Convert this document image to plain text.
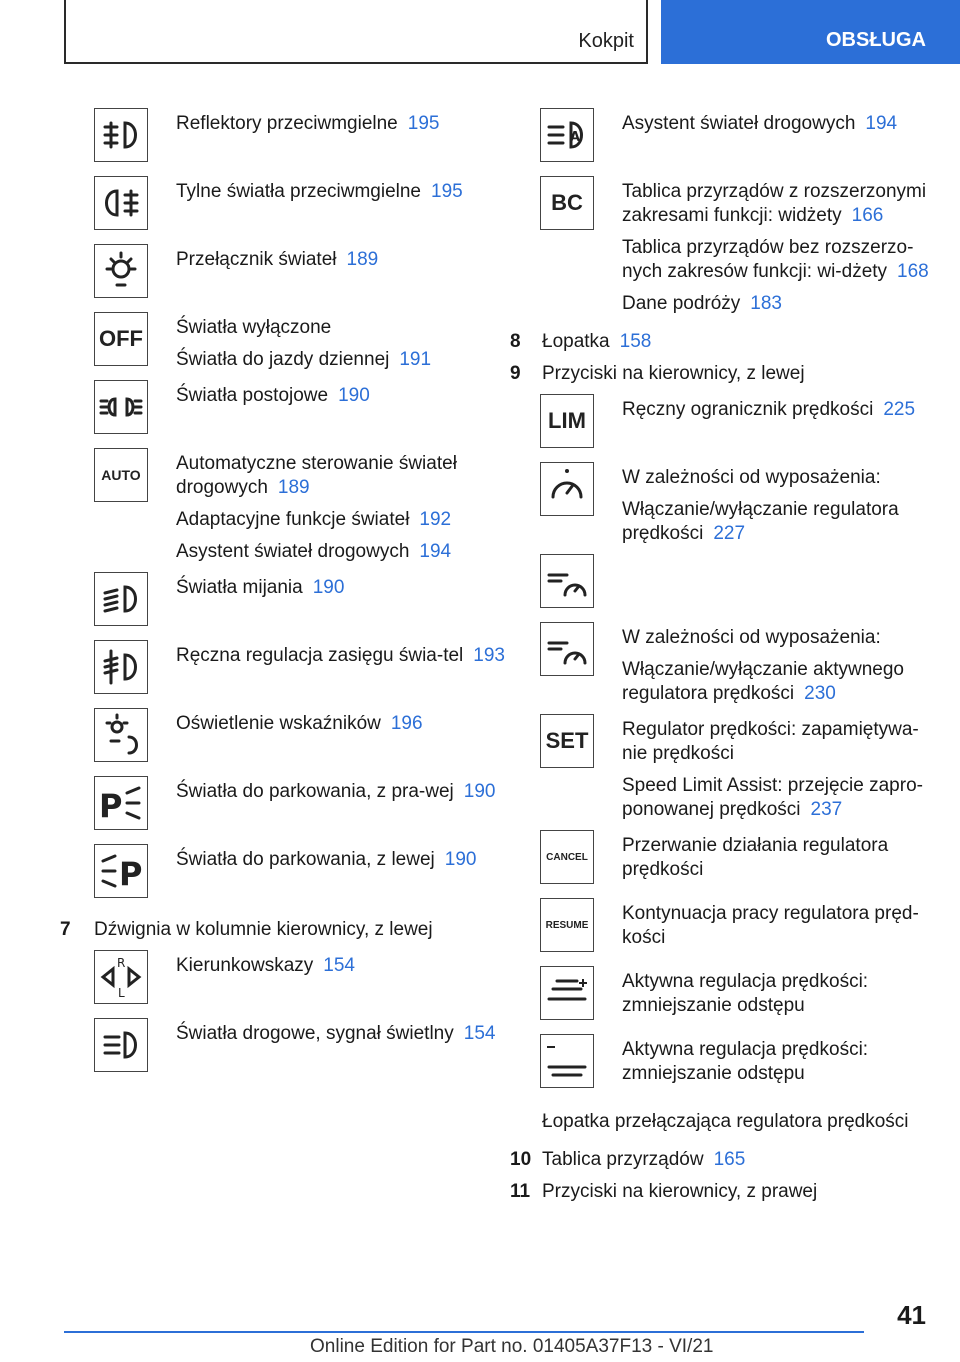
Kokpit	OBSŁUGA

Reflektory przeciwmgielne 195

Tylne światła przeciwmgielne 195

Przełącznik świateł 189

OFF Światła wyłączone

Światła do jazdy dziennej 191

Światła postojowe 190

AUTO

Automatyczne sterowanie świateł drogowych 189

Adaptacyjne funkcje świateł 192

Asystent świateł drogowych 194

Światła mijania 190

Ręczna regulacja zasięgu świa-tel 193

Oświetlenie wskaźników 196

P	Światła do parkowania, z pra-wej 190

P Światła do parkowania, z lewej 190

7 Dźwignia w kolumnie kierownicy, z lewej

R
L

Kierunkowskazy 154

Światła drogowe, sygnał świetlny 154

A

Asystent świateł drogowych 194

BC Tablica przyrządów z rozszerzonymi zakresami funkcji: widżety 166

Tablica przyrządów bez rozszerzo-nych zakresów funkcji: wi-dżety 168

Dane podróży 183

8 Łopatka 158

9 Przyciski na kierownicy, z lewej

LIM Ręczny ogranicznik prędkości 225

W zależności od wyposażenia:

Włączanie/wyłączanie regulatora prędkości 227

W zależności od wyposażenia:

Włączanie/wyłączanie aktywnego regulatora prędkości 230

SET Regulator prędkości: zapamiętywa-nie prędkości

Speed Limit Assist: przejęcie zapro-ponowanej prędkości 237

CANCEL

Przerwanie działania regulatora prędkości

RESUME

Kontynuacja pracy regulatora pręd-kości

Aktywna regulacja prędkości: zmniejszanie odstępu

Aktywna regulacja prędkości: zmniejszanie odstępu

Łopatka przełączająca regulatora prędkości

10 Tablica przyrządów 165

11 Przyciski na kierownicy, z prawej

41
Online Edition for Part no. 01405A37F13 - VI/21
